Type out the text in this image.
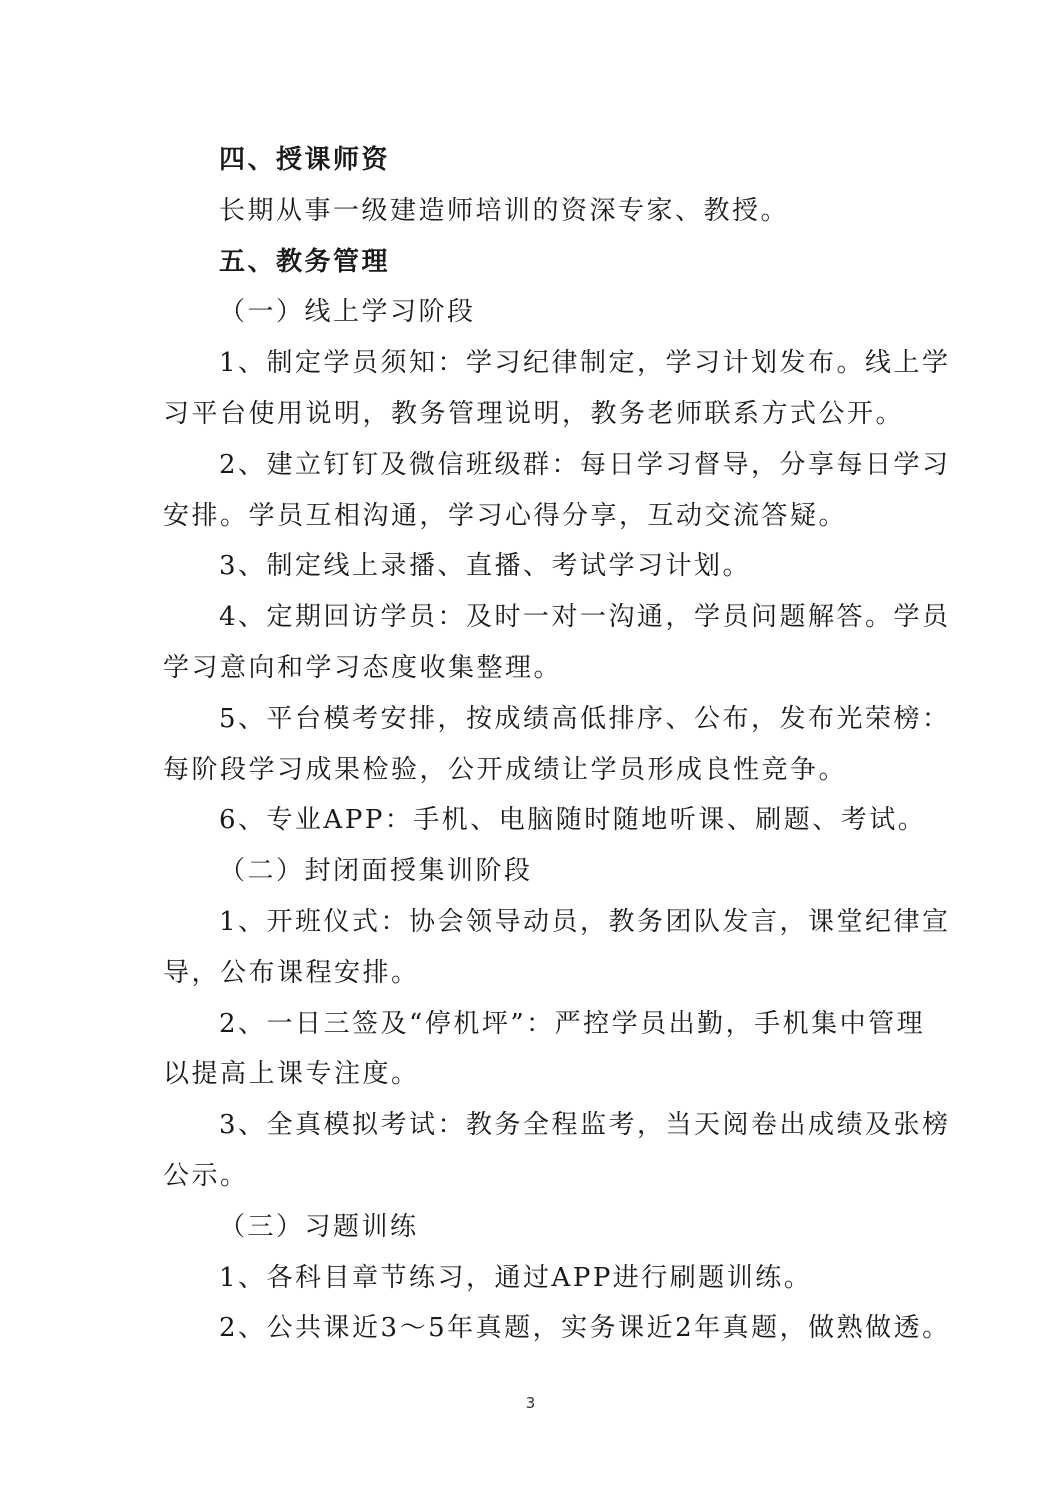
四、授课师资

长期从事一级建造师培训的资深专家、教授。

五、教务管理

（一）线上学习阶段

1、制定学员须知：学习纪律制定，学习计划发布。线上学

习平台使用说明，教务管理说明，教务老师联系方式公开。

2、建立钉钉及微信班级群：每日学习督导，分享每日学习

安排。学员互相沟通，学习心得分享，互动交流答疑。

3、制定线上录播、直播、考试学习计划。

4、定期回访学员：及时一对一沟通，学员问题解答。学员

学习意向和学习态度收集整理。

5、平台模考安排，按成绩高低排序、公布，发布光荣榜：

每阶段学习成果检验，公开成绩让学员形成良性竞争。

6、专业APP：手机、电脑随时随地听课、刷题、考试。

（二）封闭面授集训阶段

1、开班仪式：协会领导动员，教务团队发言，课堂纪律宣

导，公布课程安排。

2、一日三签及“停机坪”：严控学员出勤，手机集中管理

以提高上课专注度。

3、全真模拟考试：教务全程监考，当天阅卷出成绩及张榜

公示。

（三）习题训练

1、各科目章节练习，通过APP进行刷题训练。

2、公共课近3～5年真题，实务课近2年真题，做熟做透。

3
